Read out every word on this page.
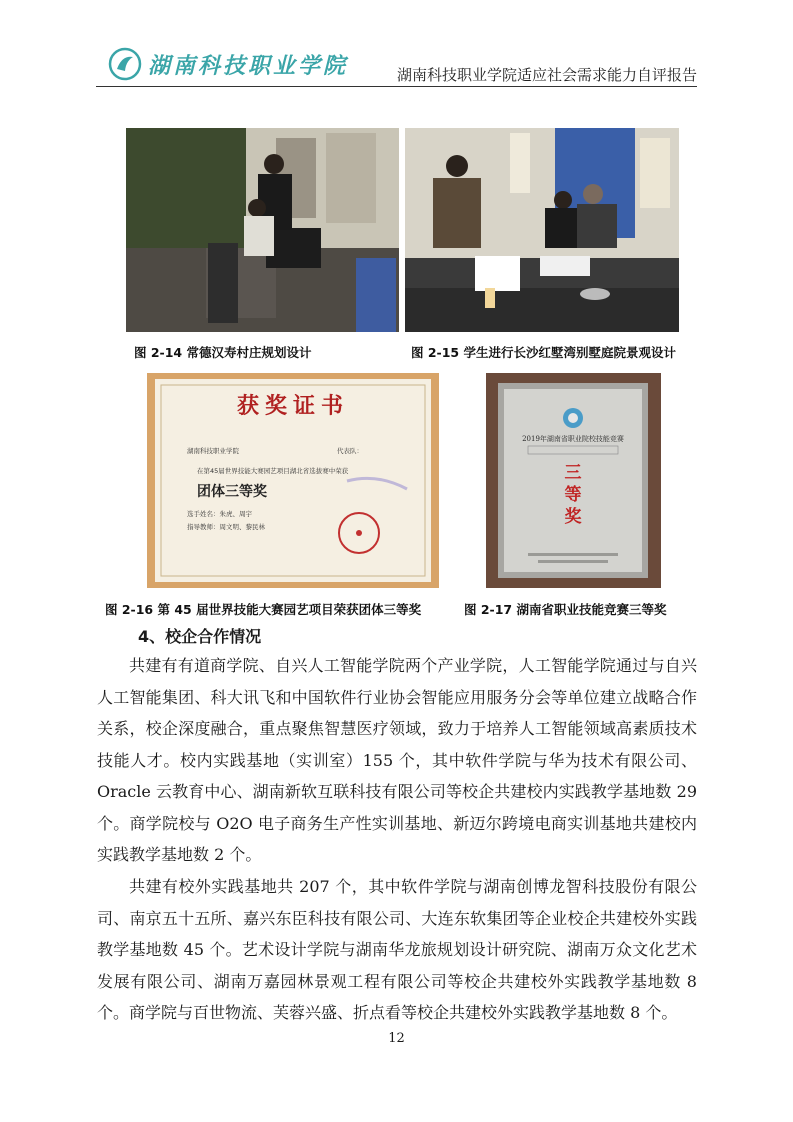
湖南科技职业学院	湖南科技职业学院适应社会需求能力自评报告
图 2-14 常德汉寿村庄规划设计	图 2-15 学生进行长沙红墅湾别墅庭院景观设计
获奖证书
湖南科技职业学院	代表队：
在第45届世界技能大赛园艺项目湖北省选拔赛中荣获
团体三等奖
选手姓名：朱虎、周宇
指导教师：周文明、黎民林
2019年湖南省职业院校技能竞赛
三
等
奖
图 2-16 第 45 届世界技能大赛园艺项目荣获团体三等奖	图 2-17 湖南省职业技能竞赛三等奖
4、校企合作情况

共建有有道商学院、自兴人工智能学院两个产业学院，人工智能学院通过与自兴人工智能集团、科大讯飞和中国软件行业协会智能应用服务分会等单位建立战略合作关系，校企深度融合，重点聚焦智慧医疗领域，致力于培养人工智能领域高素质技术技能人才。校内实践基地（实训室）155 个，其中软件学院与华为技术有限公司、Oracle 云教育中心、湖南新软互联科技有限公司等校企共建校内实践教学基地数 29 个。商学院校与 O2O 电子商务生产性实训基地、新迈尔跨境电商实训基地共建校内实践教学基地数 2 个。

共建有校外实践基地共 207 个，其中软件学院与湖南创博龙智科技股份有限公司、南京五十五所、嘉兴东臣科技有限公司、大连东软集团等企业校企共建校外实践教学基地数 45 个。艺术设计学院与湖南华龙旅规划设计研究院、湖南万众文化艺术发展有限公司、湖南万嘉园林景观工程有限公司等校企共建校外实践教学基地数 8 个。商学院与百世物流、芙蓉兴盛、折点看等校企共建校外实践教学基地数 8 个。

12
